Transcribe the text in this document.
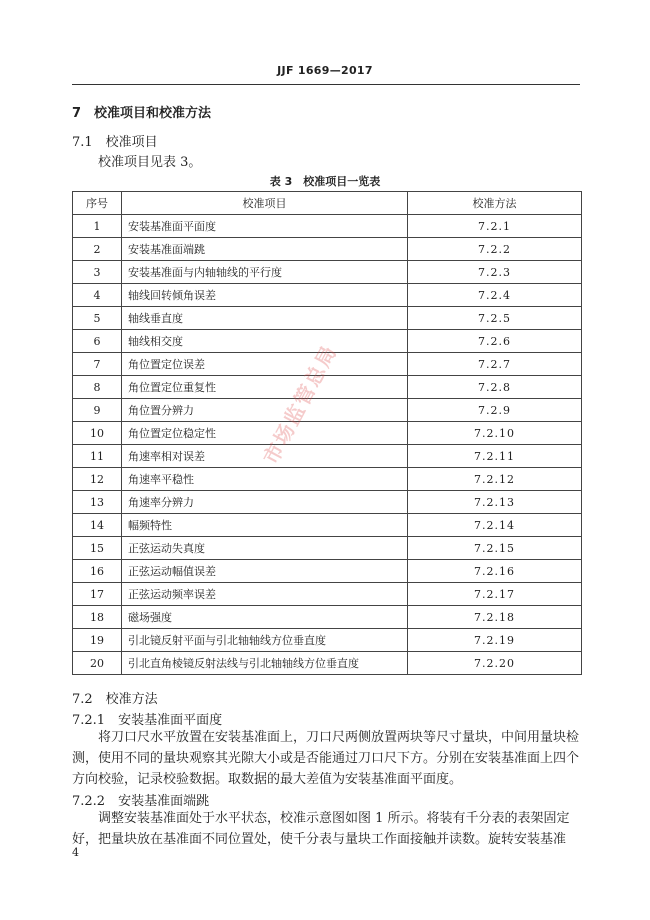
JJF 1669—2017
7　校准项目和校准方法
7.1　校准项目
校准项目见表 3。
表 3　校准项目一览表
序号	校准项目	校准方法
1	安装基准面平面度	7.2.1
2	安装基准面端跳	7.2.2
3	安装基准面与内轴轴线的平行度	7.2.3
4	轴线回转倾角误差	7.2.4
5	轴线垂直度	7.2.5
6	轴线相交度	7.2.6
7	角位置定位误差	7.2.7
8	角位置定位重复性	7.2.8
9	角位置分辨力	7.2.9
10	角位置定位稳定性	7.2.10
11	角速率相对误差	7.2.11
12	角速率平稳性	7.2.12
13	角速率分辨力	7.2.13
14	幅频特性	7.2.14
15	正弦运动失真度	7.2.15
16	正弦运动幅值误差	7.2.16
17	正弦运动频率误差	7.2.17
18	磁场强度	7.2.18
19	引北镜反射平面与引北轴轴线方位垂直度	7.2.19
20	引北直角棱镜反射法线与引北轴轴线方位垂直度	7.2.20
7.2　校准方法
7.2.1　安装基准面平面度
将刀口尺水平放置在安装基准面上，刀口尺两侧放置两块等尺寸量块，中间用量块检测，使用不同的量块观察其光隙大小或是否能通过刀口尺下方。分别在安装基准面上四个方向校验，记录校验数据。取数据的最大差值为安装基准面平面度。
7.2.2　安装基准面端跳
调整安装基准面处于水平状态，校准示意图如图 1 所示。将装有千分表的表架固定好，把量块放在基准面不同位置处，使千分表与量块工作面接触并读数。旋转安装基准
4
市场监管总局
